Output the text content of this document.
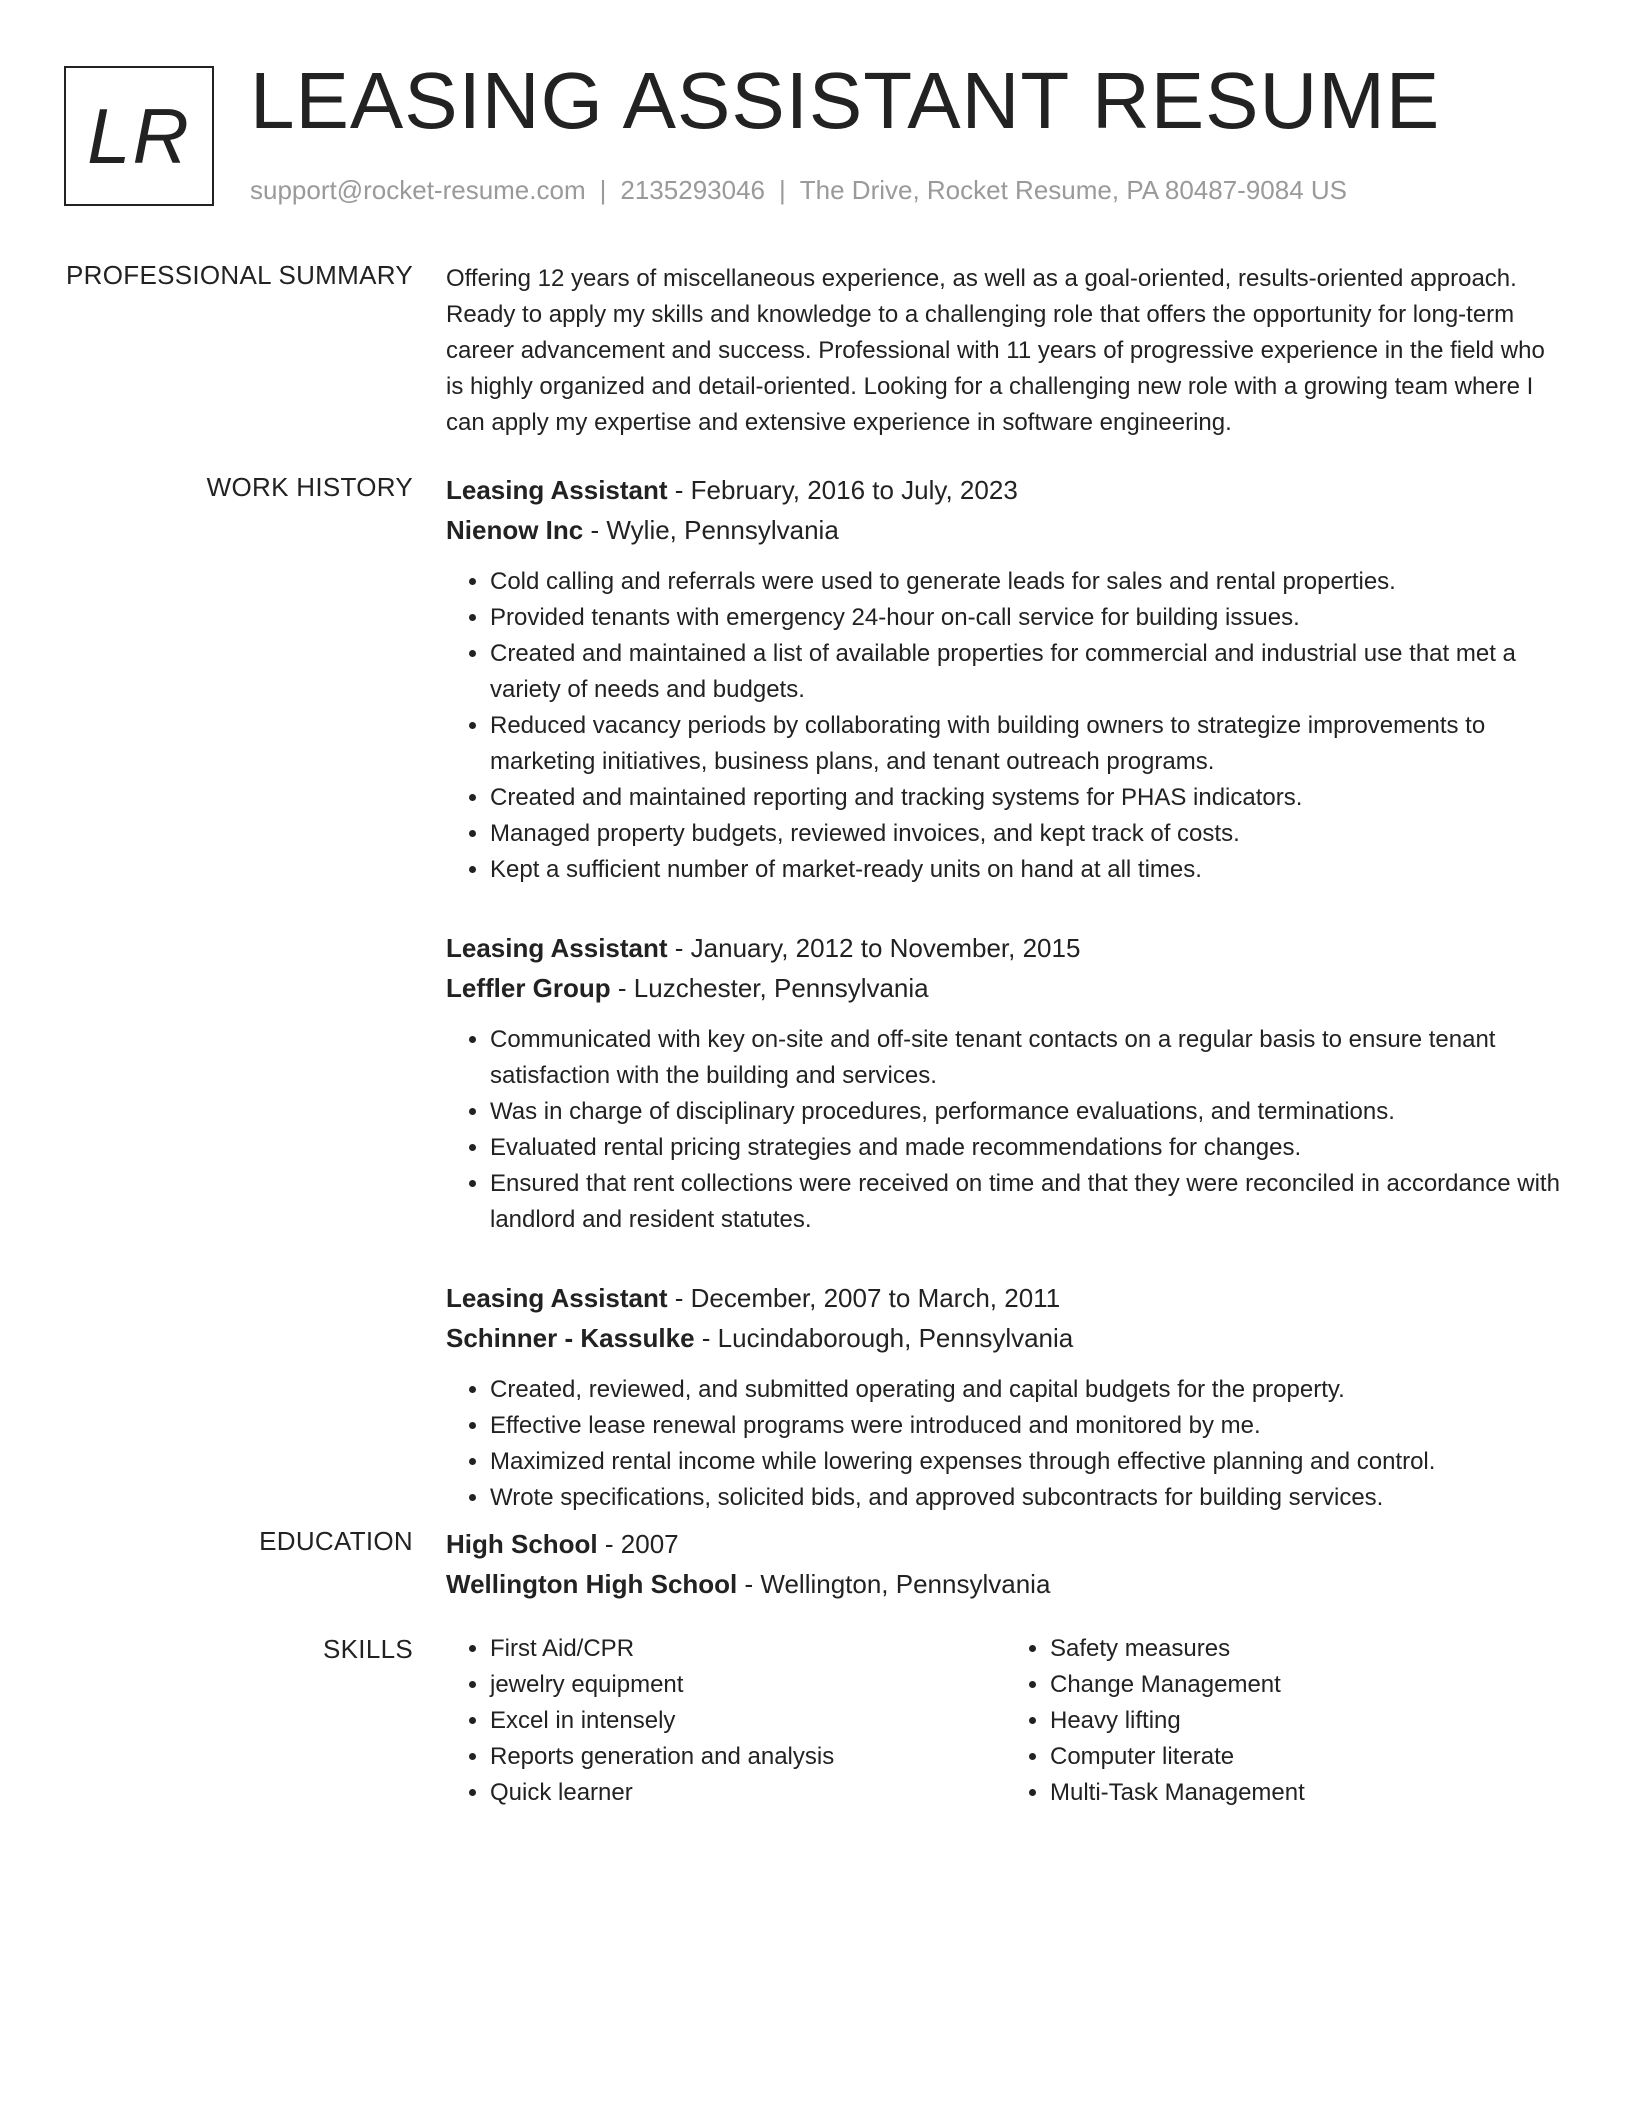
LR LEASING ASSISTANT RESUME
support@rocket-resume.com | 2135293046 | The Drive, Rocket Resume, PA 80487-9084 US
PROFESSIONAL SUMMARY Offering 12 years of miscellaneous experience, as well as a goal-oriented, results-oriented approach. Ready to apply my skills and knowledge to a challenging role that offers the opportunity for long-term career advancement and success. Professional with 11 years of progressive experience in the field who is highly organized and detail-oriented. Looking for a challenging new role with a growing team where I can apply my expertise and extensive experience in software engineering.

WORK HISTORY Leasing Assistant - February, 2016 to July, 2023
Nienow Inc - Wylie, Pennsylvania
• Cold calling and referrals were used to generate leads for sales and rental properties.
• Provided tenants with emergency 24-hour on-call service for building issues.
• Created and maintained a list of available properties for commercial and industrial use that met a variety of needs and budgets.
• Reduced vacancy periods by collaborating with building owners to strategize improvements to marketing initiatives, business plans, and tenant outreach programs.
• Created and maintained reporting and tracking systems for PHAS indicators.
• Managed property budgets, reviewed invoices, and kept track of costs.
• Kept a sufficient number of market-ready units on hand at all times.
Leasing Assistant - January, 2012 to November, 2015
Leffler Group - Luzchester, Pennsylvania
• Communicated with key on-site and off-site tenant contacts on a regular basis to ensure tenant satisfaction with the building and services.
• Was in charge of disciplinary procedures, performance evaluations, and terminations.
• Evaluated rental pricing strategies and made recommendations for changes.
• Ensured that rent collections were received on time and that they were reconciled in accordance with landlord and resident statutes.
Leasing Assistant - December, 2007 to March, 2011
Schinner - Kassulke - Lucindaborough, Pennsylvania
• Created, reviewed, and submitted operating and capital budgets for the property.
• Effective lease renewal programs were introduced and monitored by me.
• Maximized rental income while lowering expenses through effective planning and control.
• Wrote specifications, solicited bids, and approved subcontracts for building services.
EDUCATION High School - 2007
Wellington High School - Wellington, Pennsylvania
SKILLS
•	First Aid/CPR
• jewelry equipment
• Excel in intensely
• Reports generation and analysis
• Quick learner
• Safety measures
• Change Management
• Heavy lifting
• Computer literate
• Multi-Task Management
